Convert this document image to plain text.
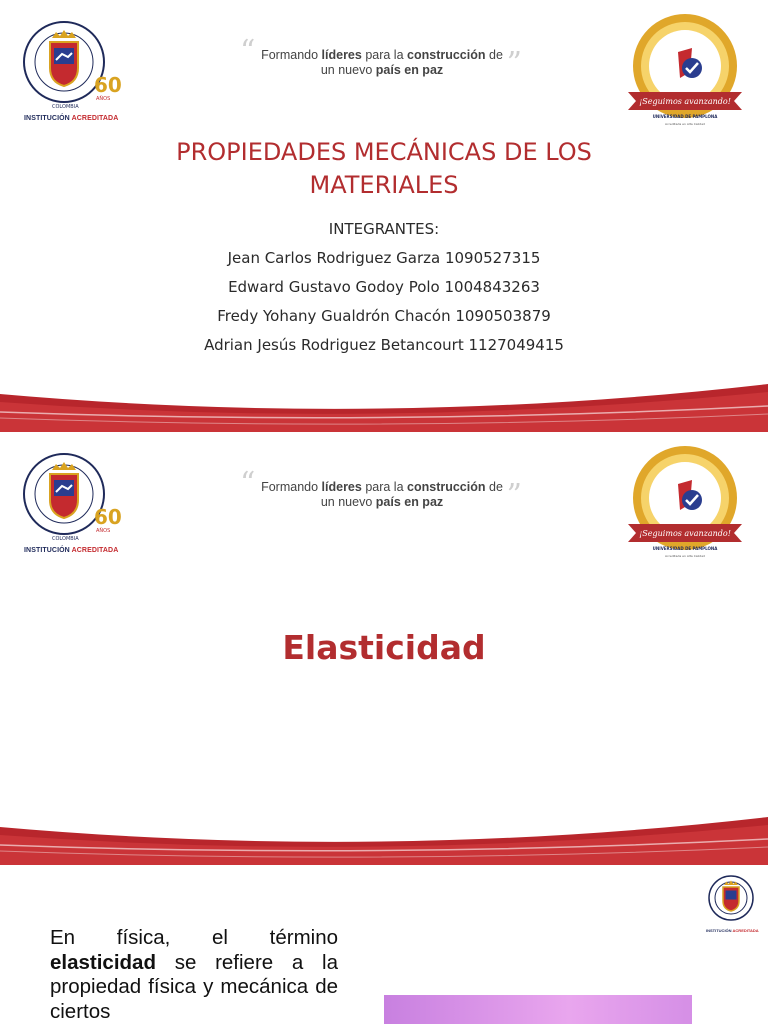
60
AÑOS
COLOMBIA
INSTITUCIÓN ACREDITADA
“ Formando líderes para la construcción de
un nuevo país en paz	”
¡Seguimos avanzando!
UNIVERSIDAD DE PAMPLONA
Acreditada en Alta Calidad
PROPIEDADES MECÁNICAS DE LOS
MATERIALES
INTEGRANTES:
Jean Carlos Rodriguez Garza 1090527315
Edward Gustavo Godoy Polo 1004843263
Fredy Yohany Gualdrón Chacón 1090503879
Adrian Jesús Rodriguez Betancourt 1127049415
60
AÑOS
COLOMBIA
INSTITUCIÓN ACREDITADA
“ Formando líderes para la construcción de
un nuevo país en paz	”
¡Seguimos avanzando!
UNIVERSIDAD DE PAMPLONA
Acreditada en Alta Calidad
Elasticidad
INSTITUCIÓN ACREDITADA
En física, el término elasticidad se refiere a la propiedad física y mecánica de ciertos
